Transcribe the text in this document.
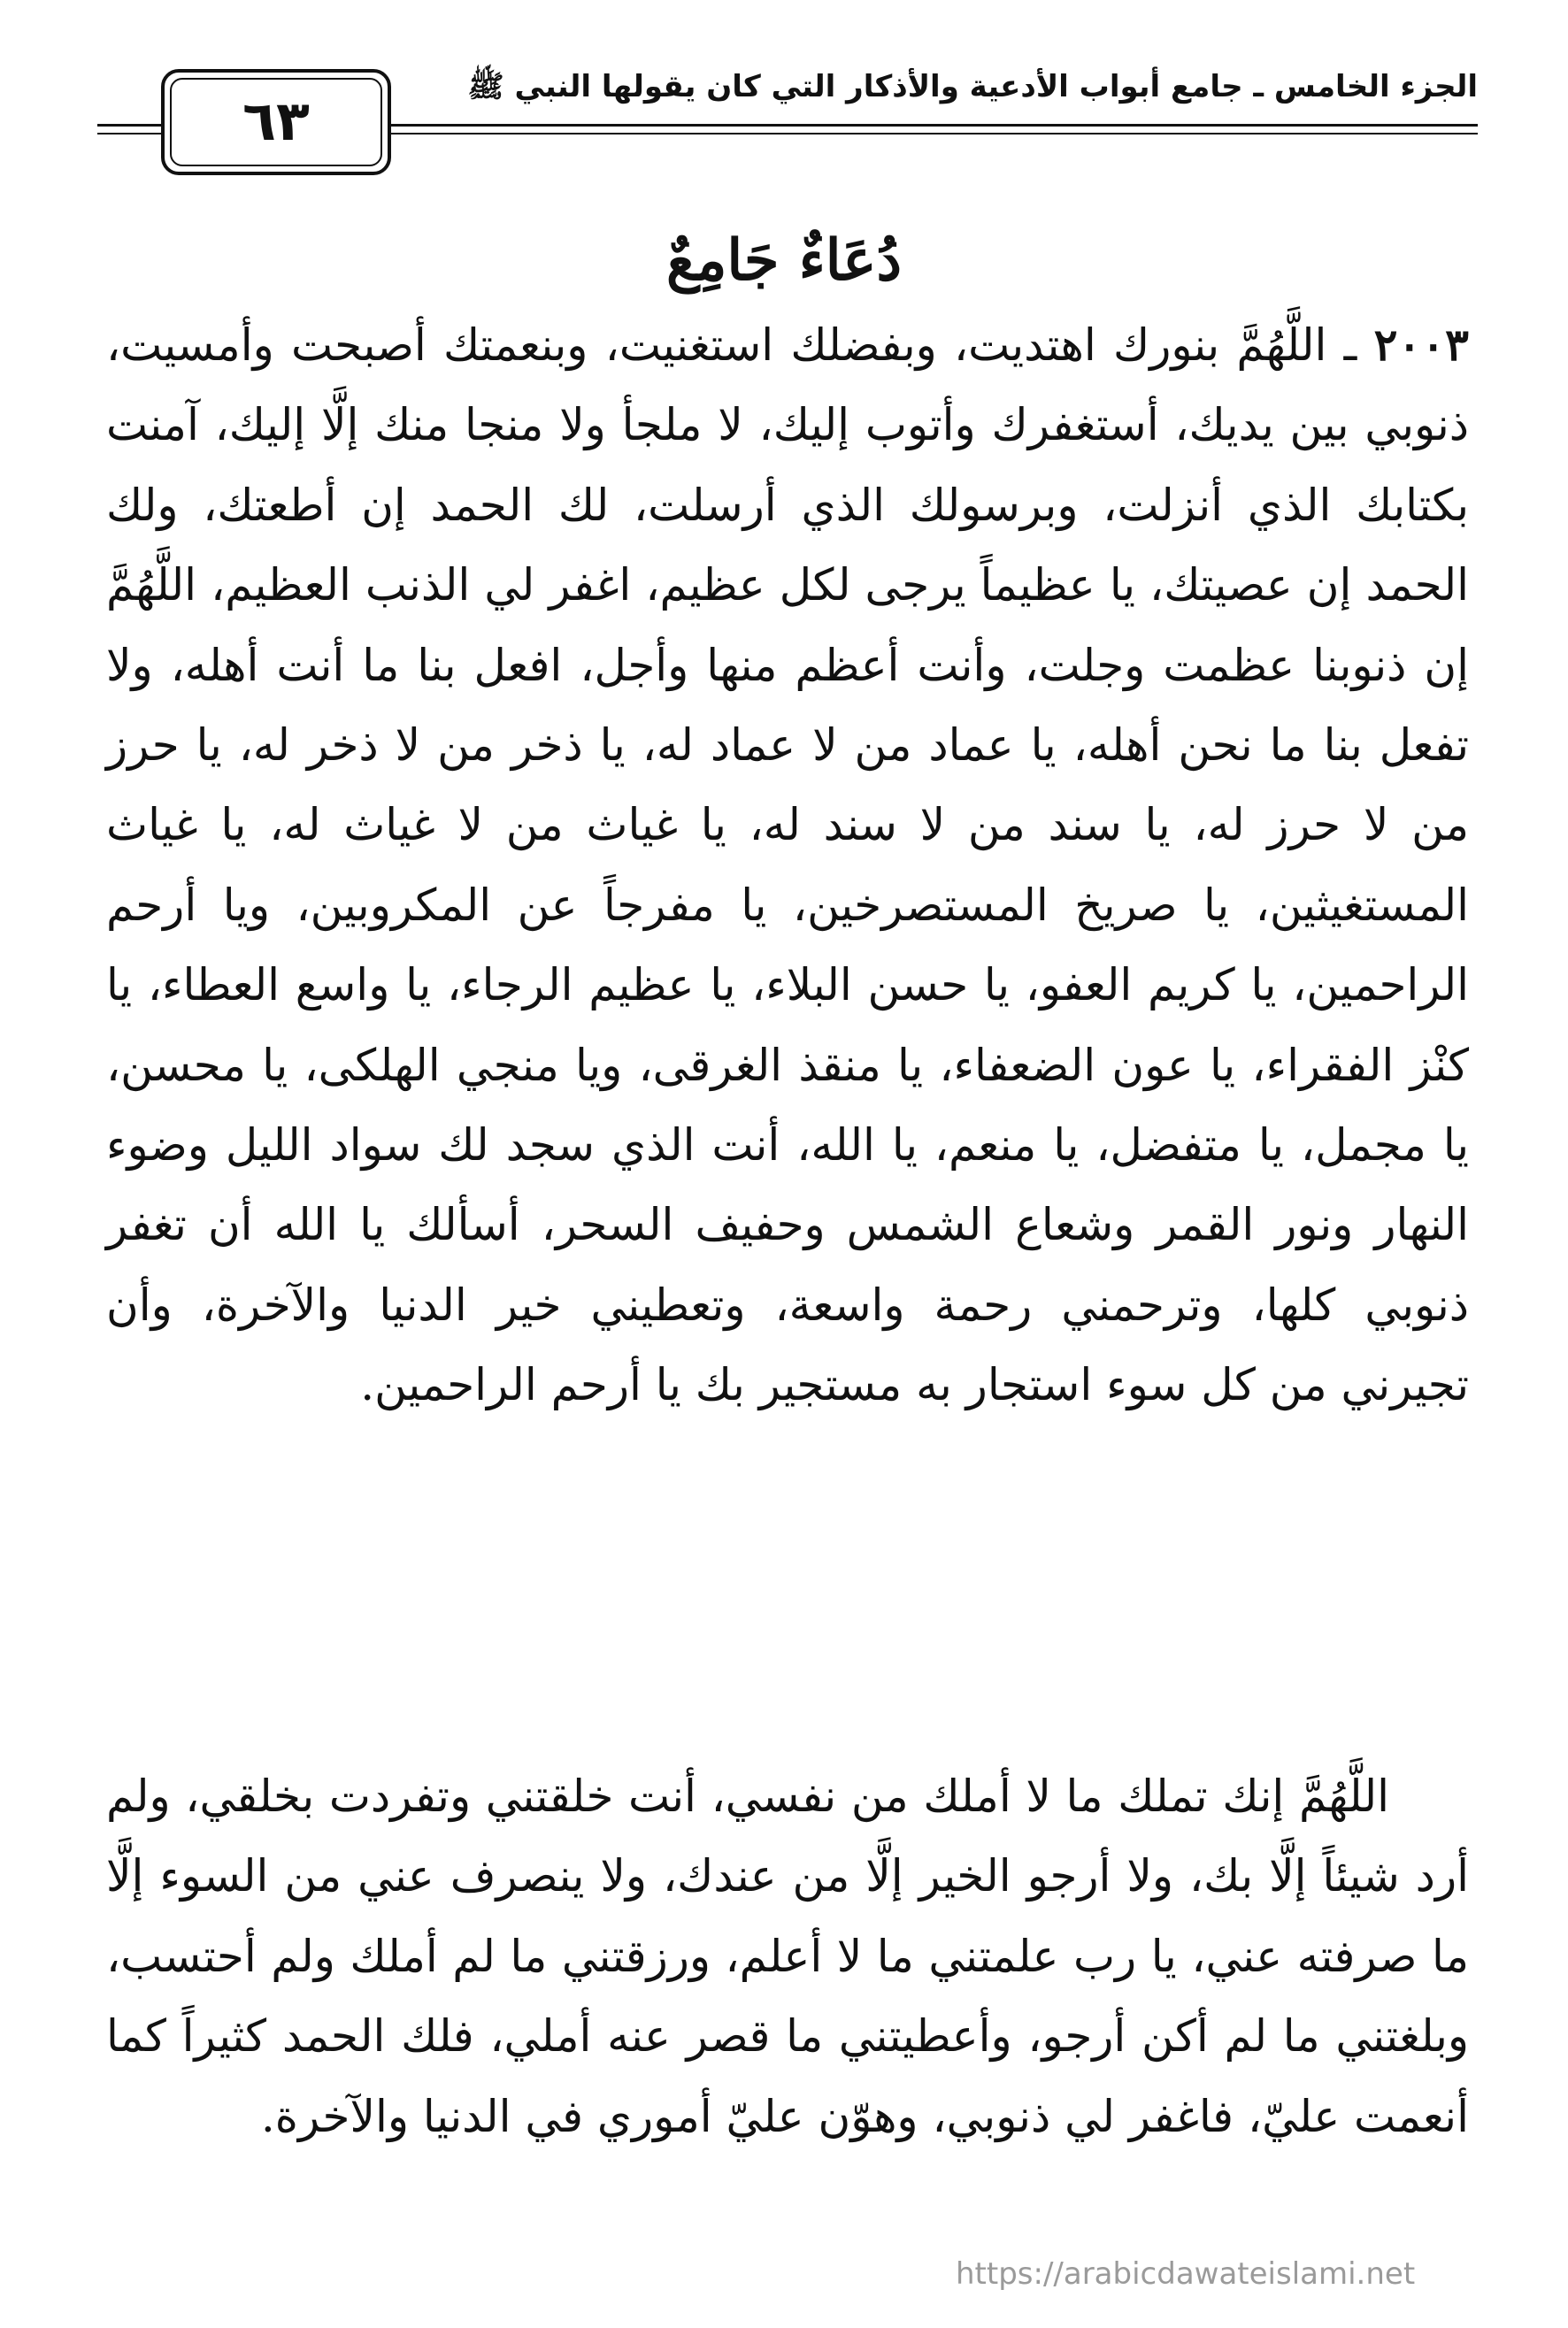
الجزء الخامس ـ جامع أبواب الأدعية والأذكار التي كان يقولها النبي ﷺ
٦٣
دُعَاءٌ جَامِعٌ
٢٠٠٣ ـ اللَّهُمَّ بنورك اهتديت، وبفضلك استغنيت، وبنعمتك أصبحت وأمسيت، ذنوبي بين يديك، أستغفرك وأتوب إليك، لا ملجأ ولا منجا منك إلَّا إليك، آمنت بكتابك الذي أنزلت، وبرسولك الذي أرسلت، لك الحمد إن أطعتك، ولك الحمد إن عصيتك، يا عظيماً يرجى لكل عظيم، اغفر لي الذنب العظيم، اللَّهُمَّ إن ذنوبنا عظمت وجلت، وأنت أعظم منها وأجل، افعل بنا ما أنت أهله، ولا تفعل بنا ما نحن أهله، يا عماد من لا عماد له، يا ذخر من لا ذخر له، يا حرز من لا حرز له، يا سند من لا سند له، يا غياث من لا غياث له، يا غياث المستغيثين، يا صريخ المستصرخين، يا مفرجاً عن المكروبين، ويا أرحم الراحمين، يا كريم العفو، يا حسن البلاء، يا عظيم الرجاء، يا واسع العطاء، يا كنْز الفقراء، يا عون الضعفاء، يا منقذ الغرقى، ويا منجي الهلكى، يا محسن، يا مجمل، يا متفضل، يا منعم، يا الله، أنت الذي سجد لك سواد الليل وضوء النهار ونور القمر وشعاع الشمس وحفيف السحر، أسألك يا الله أن تغفر ذنوبي كلها، وترحمني رحمة واسعة، وتعطيني خير الدنيا والآخرة، وأن تجيرني من كل سوء استجار به مستجير بك يا أرحم الراحمين.
اللَّهُمَّ إنك تملك ما لا أملك من نفسي، أنت خلقتني وتفردت بخلقي، ولم أرد شيئاً إلَّا بك، ولا أرجو الخير إلَّا من عندك، ولا ينصرف عني من السوء إلَّا ما صرفته عني، يا رب علمتني ما لا أعلم، ورزقتني ما لم أملك ولم أحتسب، وبلغتني ما لم أكن أرجو، وأعطيتني ما قصر عنه أملي، فلك الحمد كثيراً كما أنعمت عليّ، فاغفر لي ذنوبي، وهوّن عليّ أموري في الدنيا والآخرة.
https://arabicdawateislami.net
